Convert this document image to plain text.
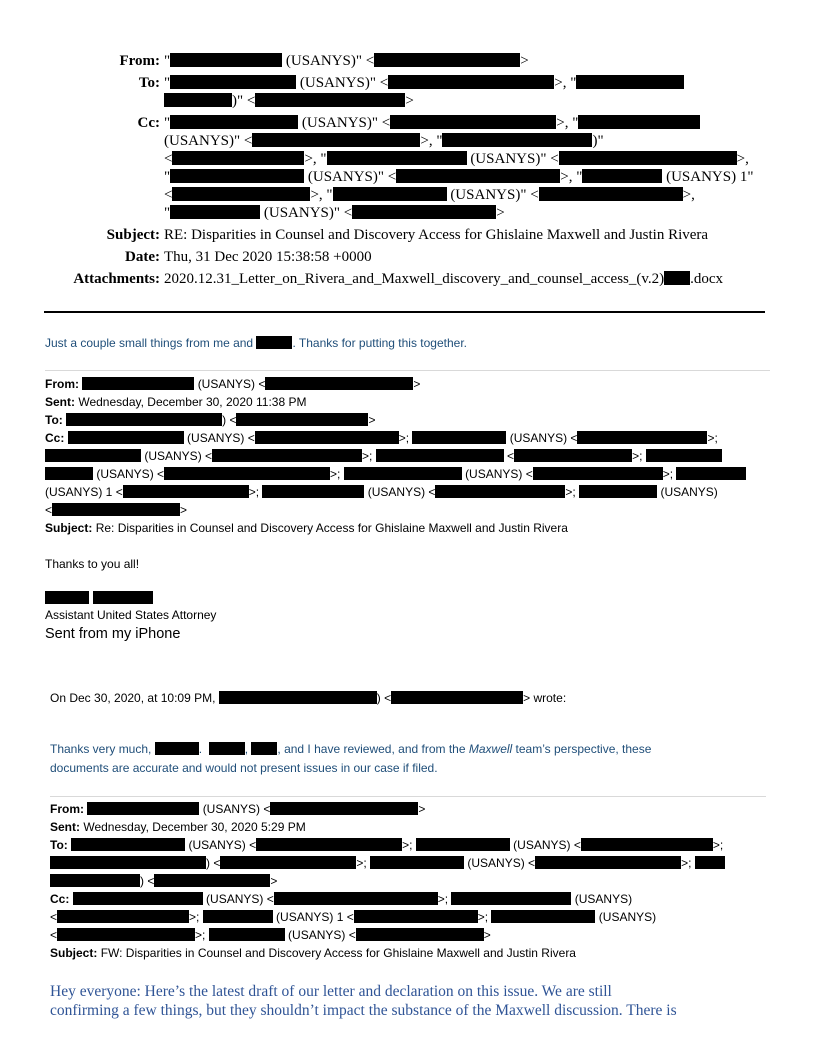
From: "	(USANYS)" <	>
To: "	(USANYS)" <	>, "
)" <	>
Cc: "	(USANYS)" <	>, "
(USANYS)" <	>, "	)"
<	>, "	(USANYS)" <	>,
"	(USANYS)" <	>, "	(USANYS) 1"
<	>, "	(USANYS)" <	>,
"	(USANYS)" <	>
Subject: RE: Disparities in Counsel and Discovery Access for Ghislaine Maxwell and Justin Rivera
Date: Thu, 31 Dec 2020 15:38:58 +0000
Attachments: 2020.12.31_Letter_on_Rivera_and_Maxwell_discovery_and_counsel_access_(v.2) .docx
Just a couple small things from me and	. Thanks for putting this together.
From:	(USANYS) <	>
Sent: Wednesday, December 30, 2020 11:38 PM
To:	) <	>
Cc:	(USANYS) <	>;	(USANYS) <	>;
(USANYS) <	>;	<	>;
(USANYS) <	>;	(USANYS) <	>;
(USANYS) 1 <	>;	(USANYS) <	>;	(USANYS)
<	>
Subject: Re: Disparities in Counsel and Discovery Access for Ghislaine Maxwell and Justin Rivera
Thanks to you all!

Assistant United States Attorney
Sent from my iPhone
On Dec 30, 2020, at 10:09 PM,	) <	> wrote:
Thanks very much,	.	, , and I have reviewed, and from the Maxwell team’s perspective, these
documents are accurate and would not present issues in our case if filed.
From:	(USANYS) <	>
Sent: Wednesday, December 30, 2020 5:29 PM
To:	(USANYS) <	>;	(USANYS) <	>;
) <	>;	(USANYS) <	>;
) <	>
Cc:	(USANYS) <	>;	(USANYS)
<	>;	(USANYS) 1 <	>;	(USANYS)
<	>;	(USANYS) <	>
Subject: FW: Disparities in Counsel and Discovery Access for Ghislaine Maxwell and Justin Rivera
Hey everyone: Here’s the latest draft of our letter and declaration on this issue. We are still
confirming a few things, but they shouldn’t impact the substance of the Maxwell discussion. There is
